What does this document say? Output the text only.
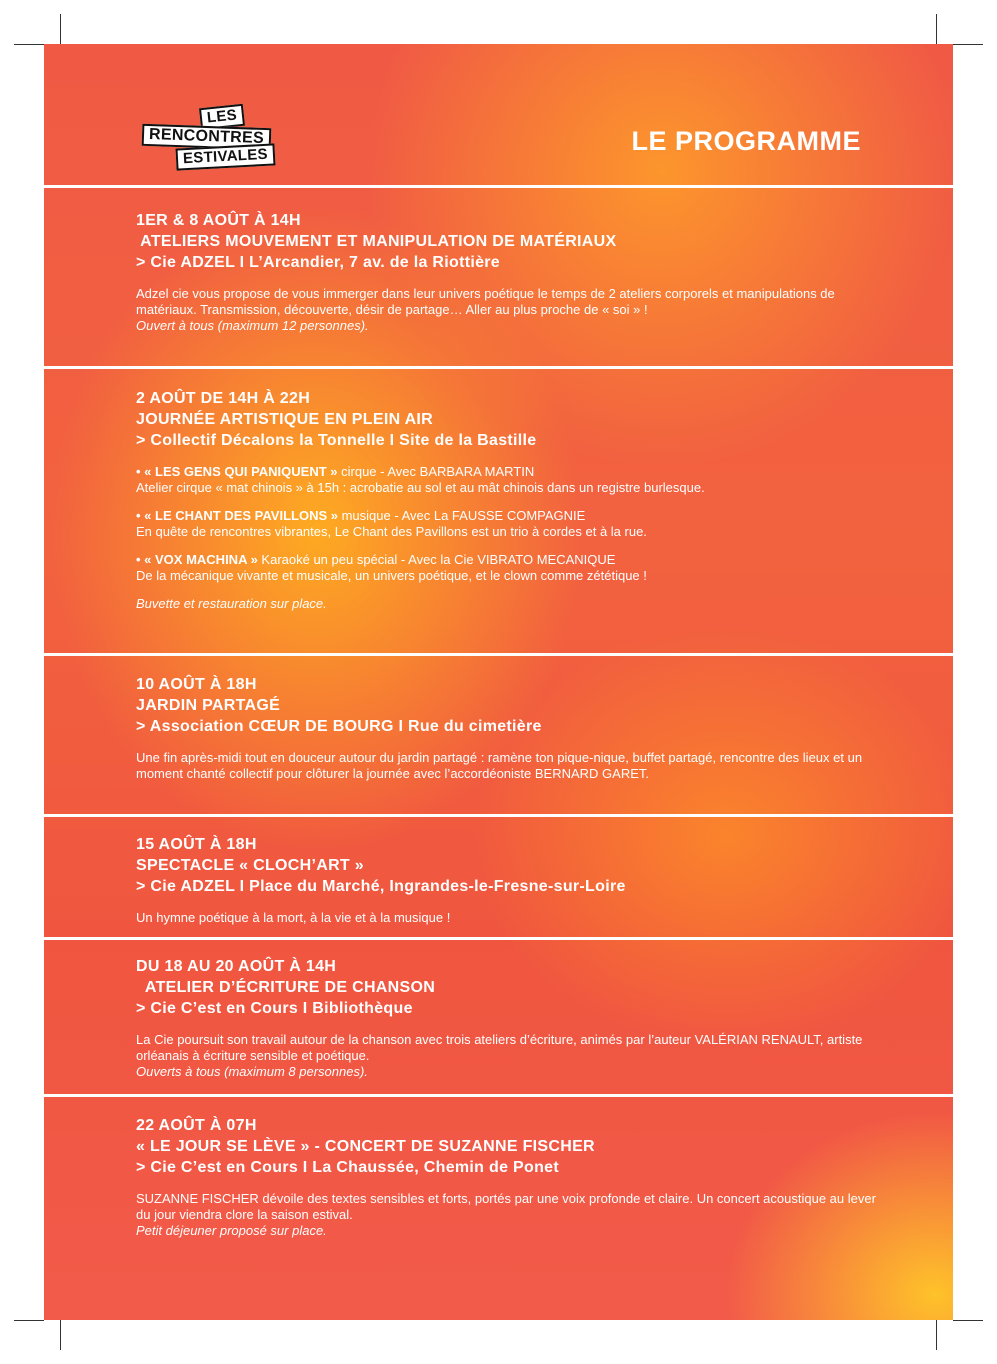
LES
RENCONTRES
ESTIVALES
LE PROGRAMME
1ER & 8 AOÛT À 14H
ATELIERS MOUVEMENT ET MANIPULATION DE MATÉRIAUX
> Cie ADZEL I L’Arcandier, 7 av. de la Riottière

Adzel cie vous propose de vous immerger dans leur univers poétique le temps de 2 ateliers corporels et manipulations de matériaux. Transmission, découverte, désir de partage… Aller au plus proche de « soi » !

Ouvert à tous (maximum 12 personnes).

2 AOÛT DE 14H À 22H
JOURNÉE ARTISTIQUE EN PLEIN AIR
> Collectif Décalons la Tonnelle I Site de la Bastille

• « LES GENS QUI PANIQUENT » cirque - Avec BARBARA MARTIN

Atelier cirque « mat chinois » à 15h : acrobatie au sol et au mât chinois dans un registre burlesque.

• « LE CHANT DES PAVILLONS » musique - Avec La FAUSSE COMPAGNIE

En quête de rencontres vibrantes, Le Chant des Pavillons est un trio à cordes et à la rue.

• « VOX MACHINA » Karaoké un peu spécial - Avec la Cie VIBRATO MECANIQUE

De la mécanique vivante et musicale, un univers poétique, et le clown comme zététique !

Buvette et restauration sur place.

10 AOÛT À 18H
JARDIN PARTAGÉ
> Association CŒUR DE BOURG I Rue du cimetière

Une fin après-midi tout en douceur autour du jardin partagé : ramène ton pique-nique, buffet partagé, rencontre des lieux et un moment chanté collectif pour clôturer la journée avec l’accordéoniste BERNARD GARET.

15 AOÛT À 18H
SPECTACLE « CLOCH’ART »
> Cie ADZEL I Place du Marché, Ingrandes-le-Fresne-sur-Loire

Un hymne poétique à la mort, à la vie et à la musique !

DU 18 AU 20 AOÛT À 14H
ATELIER D’ÉCRITURE DE CHANSON
> Cie C’est en Cours I Bibliothèque

La Cie poursuit son travail autour de la chanson avec trois ateliers d’écriture, animés par l’auteur VALÉRIAN RENAULT, artiste orléanais à écriture sensible et poétique.

Ouverts à tous (maximum 8 personnes).

22 AOÛT À 07H
« LE JOUR SE LÈVE » - CONCERT DE SUZANNE FISCHER
> Cie C’est en Cours I La Chaussée, Chemin de Ponet

SUZANNE FISCHER dévoile des textes sensibles et forts, portés par une voix profonde et claire. Un concert acoustique au lever du jour viendra clore la saison estival.

Petit déjeuner proposé sur place.
